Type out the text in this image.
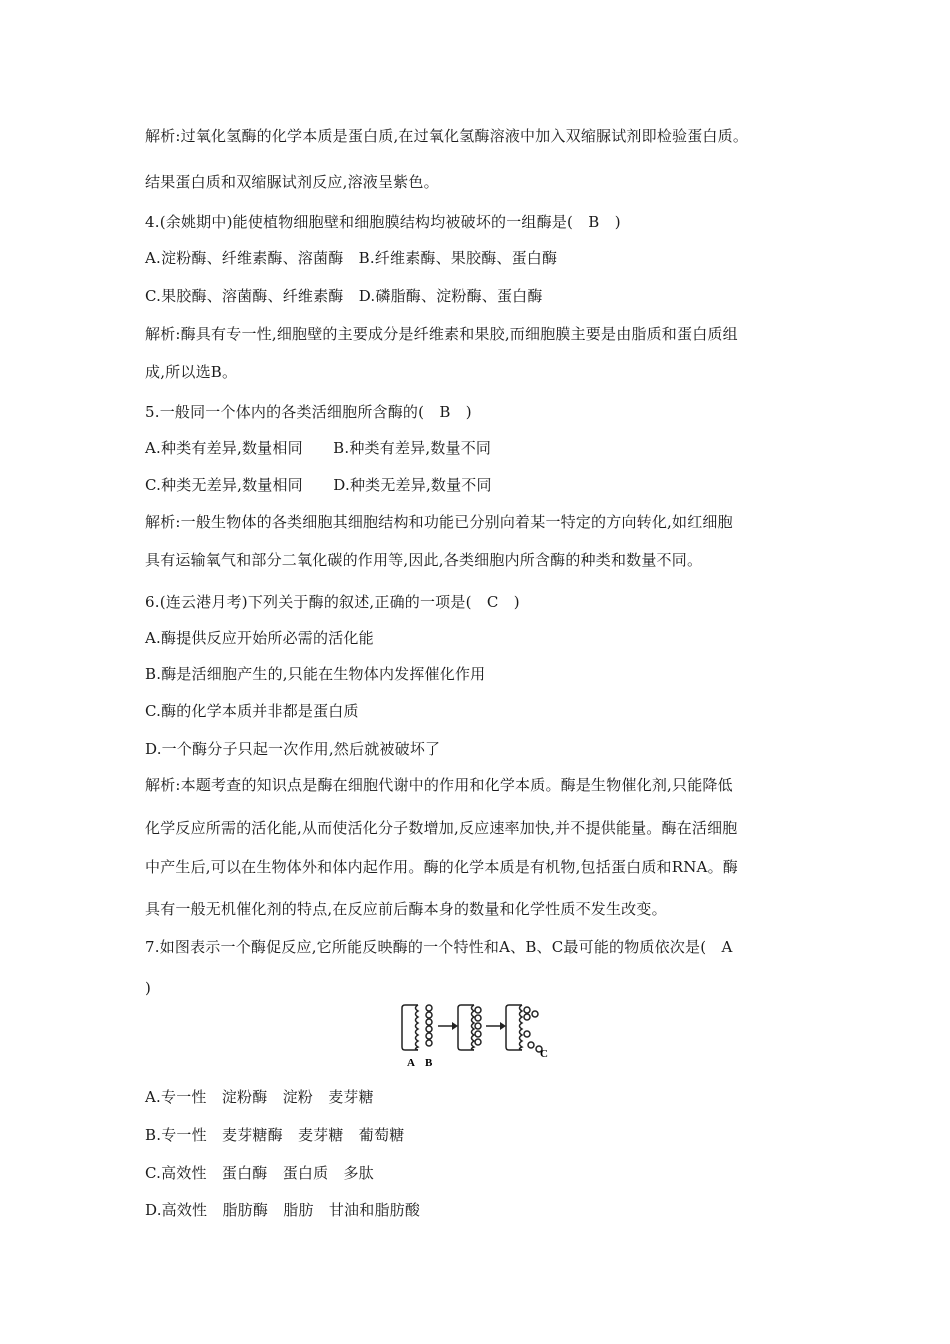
解析:过氧化氢酶的化学本质是蛋白质,在过氧化氢酶溶液中加入双缩脲试剂即检验蛋白质。
结果蛋白质和双缩脲试剂反应,溶液呈紫色。
4.(余姚期中)能使植物细胞壁和细胞膜结构均被破坏的一组酶是(　B　)
A.淀粉酶、纤维素酶、溶菌酶　B.纤维素酶、果胶酶、蛋白酶
C.果胶酶、溶菌酶、纤维素酶　D.磷脂酶、淀粉酶、蛋白酶
解析:酶具有专一性,细胞壁的主要成分是纤维素和果胶,而细胞膜主要是由脂质和蛋白质组
成,所以选B。
5.一般同一个体内的各类活细胞所含酶的(　B　)
A.种类有差异,数量相同　　B.种类有差异,数量不同
C.种类无差异,数量相同　　D.种类无差异,数量不同
解析:一般生物体的各类细胞其细胞结构和功能已分别向着某一特定的方向转化,如红细胞
具有运输氧气和部分二氧化碳的作用等,因此,各类细胞内所含酶的种类和数量不同。
6.(连云港月考)下列关于酶的叙述,正确的一项是(　C　)
A.酶提供反应开始所必需的活化能
B.酶是活细胞产生的,只能在生物体内发挥催化作用
C.酶的化学本质并非都是蛋白质
D.一个酶分子只起一次作用,然后就被破坏了
解析:本题考查的知识点是酶在细胞代谢中的作用和化学本质。酶是生物催化剂,只能降低
化学反应所需的活化能,从而使活化分子数增加,反应速率加快,并不提供能量。酶在活细胞
中产生后,可以在生物体外和体内起作用。酶的化学本质是有机物,包括蛋白质和RNA。酶
具有一般无机催化剂的特点,在反应前后酶本身的数量和化学性质不发生改变。
7.如图表示一个酶促反应,它所能反映酶的一个特性和A、B、C最可能的物质依次是(　A
)
A.专一性　淀粉酶　淀粉　麦芽糖
B.专一性　麦芽糖酶　麦芽糖　葡萄糖
C.高效性　蛋白酶　蛋白质　多肽
D.高效性　脂肪酶　脂肪　甘油和脂肪酸
A B
C
